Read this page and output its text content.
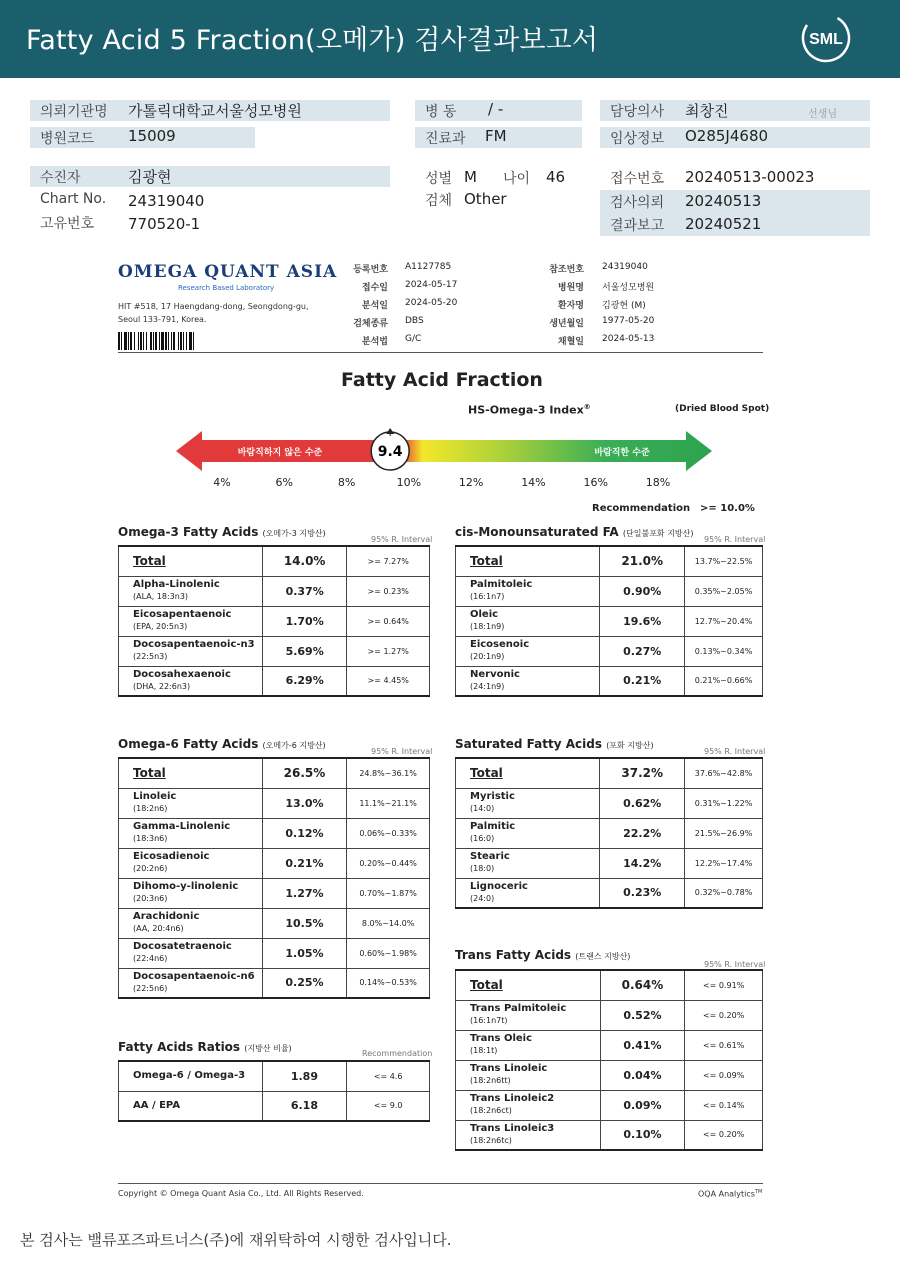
Fatty Acid 5 Fraction(오메가) 검사결과보고서	SML
의뢰기관명 가톨릭대학교서울성모병원
병원코드 15009
병 동 / -
진료과 FM
담당의사 최창진	선생님
임상정보 O285J4680
수진자	김광현
Chart No. 24319040
고유번호 770520-1
성별 M 나이 46
검체 Other
접수번호 20240513-00023
검사의뢰 20240513
결과보고 20240521
OMEGA QUANT ASIA
Research Based Laboratory
HIT #518, 17 Haengdang-dong, Seongdong-gu,
Seoul 133-791, Korea.
등록번호 A1127785
접수일 2024-05-17
분석일 2024-05-20
검체종류 DBS
분석법 G/C
참조번호 24319040
병원명 서울성모병원
환자명 김광현 (M)
생년월일 1977-05-20
채혈일 2024-05-13
Fatty Acid Fraction
HS-Omega-3 Index®	(Dried Blood Spot)
바람직하지 않은 수준	바람직한 수준
9.4
4%	6%	8%	10%	12%	14%	16%	18%
Recommendation >= 10.0%
Omega-3 Fatty Acids (오메가-3 지방산)
95% R. Interval
Total	14.0%	>= 7.27%
Alpha-Linolenic
(ALA, 18:3n3)	0.37%	>= 0.23%
Eicosapentaenoic
(EPA, 20:5n3)	1.70%	>= 0.64%
Docosapentaenoic-n3
(22:5n3)	5.69%	>= 1.27%
Docosahexaenoic
(DHA, 22:6n3)	6.29%	>= 4.45%
cis-Monounsaturated FA (단일불포화 지방산)
95% R. Interval
Total	21.0%	13.7%~22.5%
Palmitoleic
(16:1n7)	0.90%	0.35%~2.05%
Oleic
(18:1n9)	19.6%	12.7%~20.4%
Eicosenoic
(20:1n9)	0.27%	0.13%~0.34%
Nervonic
(24:1n9)	0.21%	0.21%~0.66%
Omega-6 Fatty Acids (오메가-6 지방산)
95% R. Interval
Total	26.5%	24.8%~36.1%
Linoleic
(18:2n6)	13.0%	11.1%~21.1%
Gamma-Linolenic
(18:3n6)	0.12%	0.06%~0.33%
Eicosadienoic
(20:2n6)	0.21%	0.20%~0.44%
Dihomo-y-linolenic
(20:3n6)	1.27%	0.70%~1.87%
Arachidonic
(AA, 20:4n6)	10.5%	8.0%~14.0%
Docosatetraenoic
(22:4n6)	1.05%	0.60%~1.98%
Docosapentaenoic-n6
(22:5n6)	0.25%	0.14%~0.53%
Saturated Fatty Acids (포화 지방산)
95% R. Interval
Total	37.2%	37.6%~42.8%
Myristic
(14:0)	0.62%	0.31%~1.22%
Palmitic
(16:0)	22.2%	21.5%~26.9%
Stearic
(18:0)	14.2%	12.2%~17.4%
Lignoceric
(24:0)	0.23%	0.32%~0.78%
Trans Fatty Acids (트랜스 지방산)
95% R. Interval
Total	0.64%	<= 0.91%
Trans Palmitoleic
(16:1n7t)	0.52%	<= 0.20%
Trans Oleic
(18:1t)	0.41%	<= 0.61%
Trans Linoleic
(18:2n6tt)	0.04%	<= 0.09%
Trans Linoleic2
(18:2n6ct)	0.09%	<= 0.14%
Trans Linoleic3
(18:2n6tc)	0.10%	<= 0.20%
Fatty Acids Ratios (지방산 비율)
Recommendation
Omega-6 / Omega-3	1.89	<= 4.6
AA / EPA	6.18	<= 9.0
Copyright © Omega Quant Asia Co., Ltd. All Rights Reserved.	OQA Analytics™
본 검사는 밸류포즈파트너스(주)에 재위탁하여 시행한 검사입니다.
